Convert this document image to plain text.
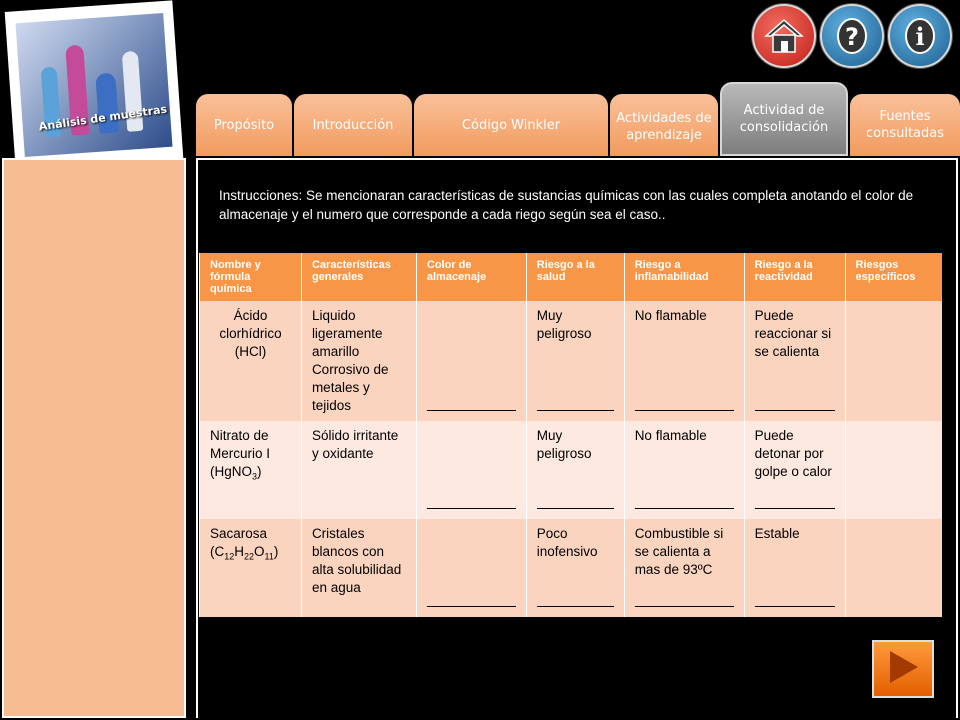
Análisis de muestras
? i
Propósito	Introducción	Código Winkler	Actividades de aprendizaje
Actividad de consolidación
Fuentes consultadas
Instrucciones: Se mencionaran características de sustancias químicas con las cuales completa anotando el color de almacenaje y el numero que corresponde a cada riego según sea el caso..
Nombre y fórmula química	Características generales	Color de almacenaje	Riesgo a la salud	Riesgo a inflamabilidad	Riesgo a la reactividad	Riesgos específicos
Ácido clorhídrico (HCl)	Liquido ligeramente amarillo Corrosivo de metales y tejidos		Muy peligroso	No flamable	Puede reaccionar si se calienta

Nitrato de Mercurio I (HgNO$_3$)	Sólido irritante y oxidante		Muy peligroso	No flamable	Puede detonar por golpe o calor

Sacarosa $(C_{12}H_{22}O_{11})$	Cristales blancos con alta solubilidad en agua		Poco inofensivo	Combustible si se calienta a mas de 93ºC	Estable
